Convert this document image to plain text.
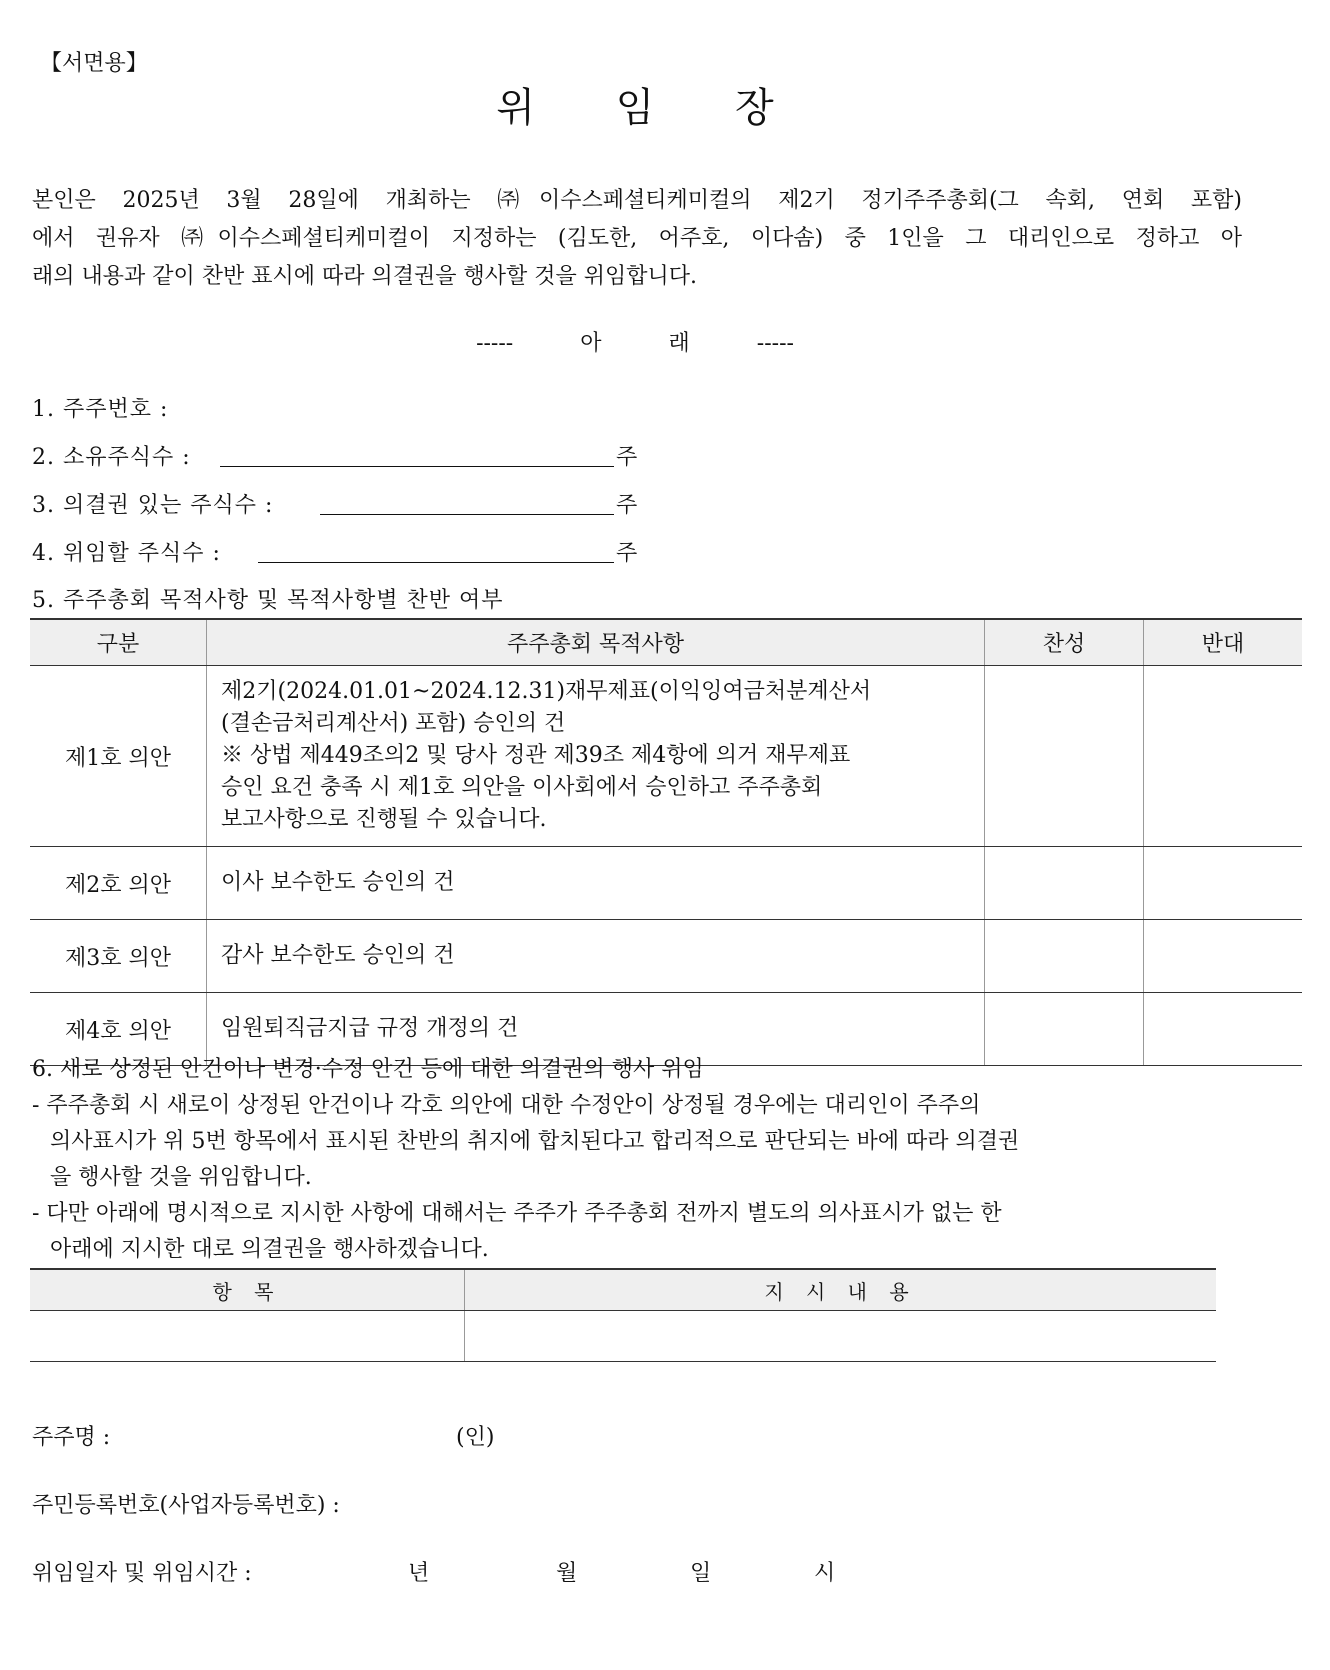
【서면용】
위 임 장
본인은 2025년 3월 28일에 개최하는 ㈜이수스페셜티케미컬의 제2기 정기주주총회(그 속회, 연회 포함)
에서 권유자 ㈜이수스페셜티케미컬이 지정하는 (김도한, 어주호, 이다솜) 중 1인을 그 대리인으로 정하고 아
래의 내용과 같이 찬반 표시에 따라 의결권을 행사할 것을 위임합니다.
-----	아	래	-----
1. 주주번호 :
2. 소유주식수 :	주
3. 의결권 있는 주식수 :	주
4. 위임할 주식수 :	주
5. 주주총회 목적사항 및 목적사항별 찬반 여부
구분	주주총회 목적사항	찬성	반대
제1호 의안	제2기(2024.01.01~2024.12.31)재무제표(이익잉여금처분계산서
(결손금처리계산서) 포함) 승인의 건
※ 상법 제449조의2 및 당사 정관 제39조 제4항에 의거 재무제표
승인 요건 충족 시 제1호 의안을 이사회에서 승인하고 주주총회
보고사항으로 진행될 수 있습니다.		

제2호 의안	이사 보수한도 승인의 건		
제3호 의안	감사 보수한도 승인의 건		
제4호 의안	임원퇴직금지급 규정 개정의 건		
6. 새로 상정된 안건이나 변경·수정 안건 등에 대한 의결권의 행사 위임
- 주주총회 시 새로이 상정된 안건이나 각호 의안에 대한 수정안이 상정될 경우에는 대리인이 주주의
의사표시가 위 5번 항목에서 표시된 찬반의 취지에 합치된다고 합리적으로 판단되는 바에 따라 의결권
을 행사할 것을 위임합니다.
- 다만 아래에 명시적으로 지시한 사항에 대해서는 주주가 주주총회 전까지 별도의 의사표시가 없는 한
아래에 지시한 대로 의결권을 행사하겠습니다.
항 목	지 시 내 용

주주명 :	(인)
주민등록번호(사업자등록번호) :
위임일자 및 위임시간 :	년	월	일	시
